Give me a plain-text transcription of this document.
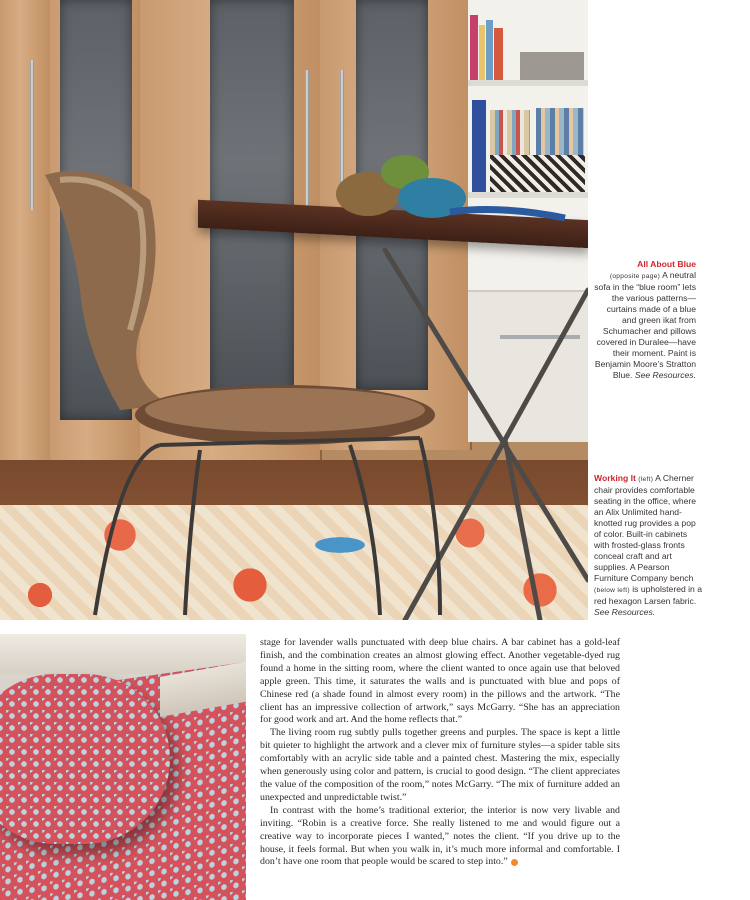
All About Blue
(opposite page) A neutral sofa in the “blue room” lets the various patterns—curtains made of a blue and green ikat from Schumacher and pillows covered in Duralee—have their moment. Paint is Benjamin Moore’s Stratton Blue. See Resources.
Working It (left) A Cherner chair provides comfortable seating in the office, where an Alix Unlimited hand-knotted rug provides a pop of color. Built-in cabinets with frosted-glass fronts conceal craft and art supplies. A Pearson Furniture Company bench (below left) is upholstered in a red hexagon Larsen fabric. See Resources.

stage for lavender walls punctuated with deep blue chairs. A bar cabinet has a gold-leaf finish, and the combination creates an almost glowing effect. Another vegetable-dyed rug found a home in the sitting room, where the client wanted to once again use that beloved apple green. This time, it saturates the walls and is punctuated with blue and pops of Chinese red (a shade found in almost every room) in the pillows and the artwork. “The client has an impressive collection of artwork,” says McGarry. “She has an appreciation for good work and art. And the home reflects that.”

The living room rug subtly pulls together greens and purples. The space is kept a little bit quieter to highlight the artwork and a clever mix of furniture styles—a spider table sits comfortably with an acrylic side table and a painted chest. Mastering the mix, especially when generously using color and pattern, is crucial to good design. “The client appreciates the value of the composition of the room,” notes McGarry. “The mix of furniture added an unexpected and unpredictable twist.”

In contrast with the home’s traditional exterior, the interior is now very livable and inviting. “Robin is a creative force. She really listened to me and would figure out a creative way to incorporate pieces I wanted,” notes the client. “If you drive up to the house, it feels formal. But when you walk in, it’s much more informal and comfortable. I don’t have one room that people would be scared to step into.”
